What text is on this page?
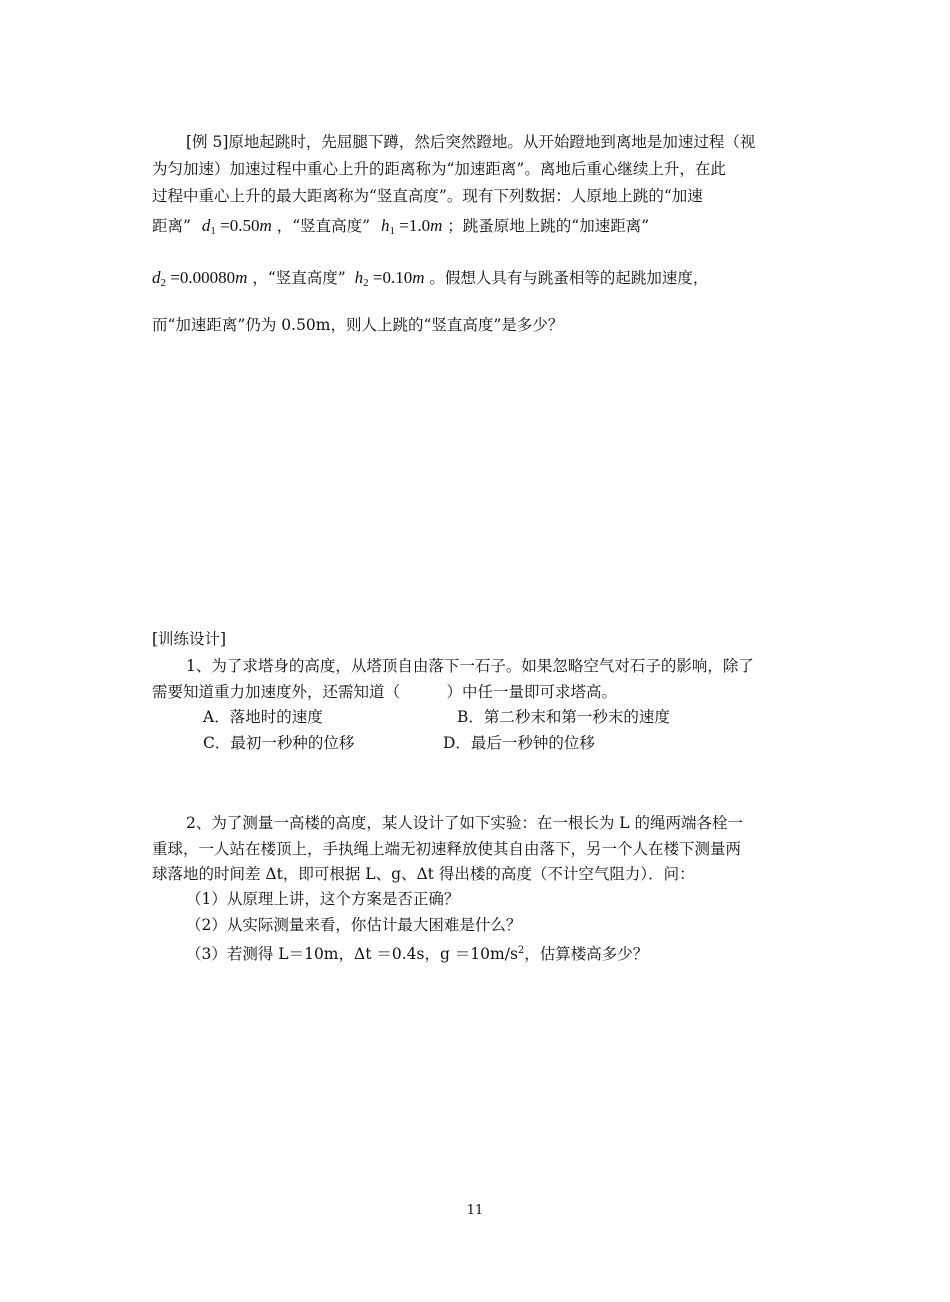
[例 5]原地起跳时，先屈腿下蹲，然后突然蹬地。从开始蹬地到离地是加速过程（视
为匀加速）加速过程中重心上升的距离称为“加速距离”。离地后重心继续上升，在此
过程中重心上升的最大距离称为“竖直高度”。现有下列数据：人原地上跳的“加速
距离” $d_1 =0.50m$ ，“竖直高度” $h_1 =1.0m$ ；跳蚤原地上跳的“加速距离”
$d_2 =0.00080m$ ，“竖直高度” $h_2 =0.10m$ 。假想人具有与跳蚤相等的起跳加速度，
而“加速距离”仍为 0.50m，则人上跳的“竖直高度”是多少？
[训练设计]
1、为了求塔身的高度，从塔顶自由落下一石子。如果忽略空气对石子的影响，除了
需要知道重力加速度外，还需知道（　　　）中任一量即可求塔高。
A．落地时的速度	B．第二秒末和第一秒末的速度
C．最初一秒种的位移	D．最后一秒钟的位移
2、为了测量一高楼的高度，某人设计了如下实验：在一根长为 L 的绳两端各栓一
重球，一人站在楼顶上，手执绳上端无初速释放使其自由落下，另一个人在楼下测量两
球落地的时间差 Δt，即可根据 L、g、Δt 得出楼的高度（不计空气阻力）．问：
（1）从原理上讲，这个方案是否正确？
（2）从实际测量来看，你估计最大困难是什么？
（3）若测得 L＝10m，Δt ＝0.4s，$g =10m/s^2$，估算楼高多少？
11
